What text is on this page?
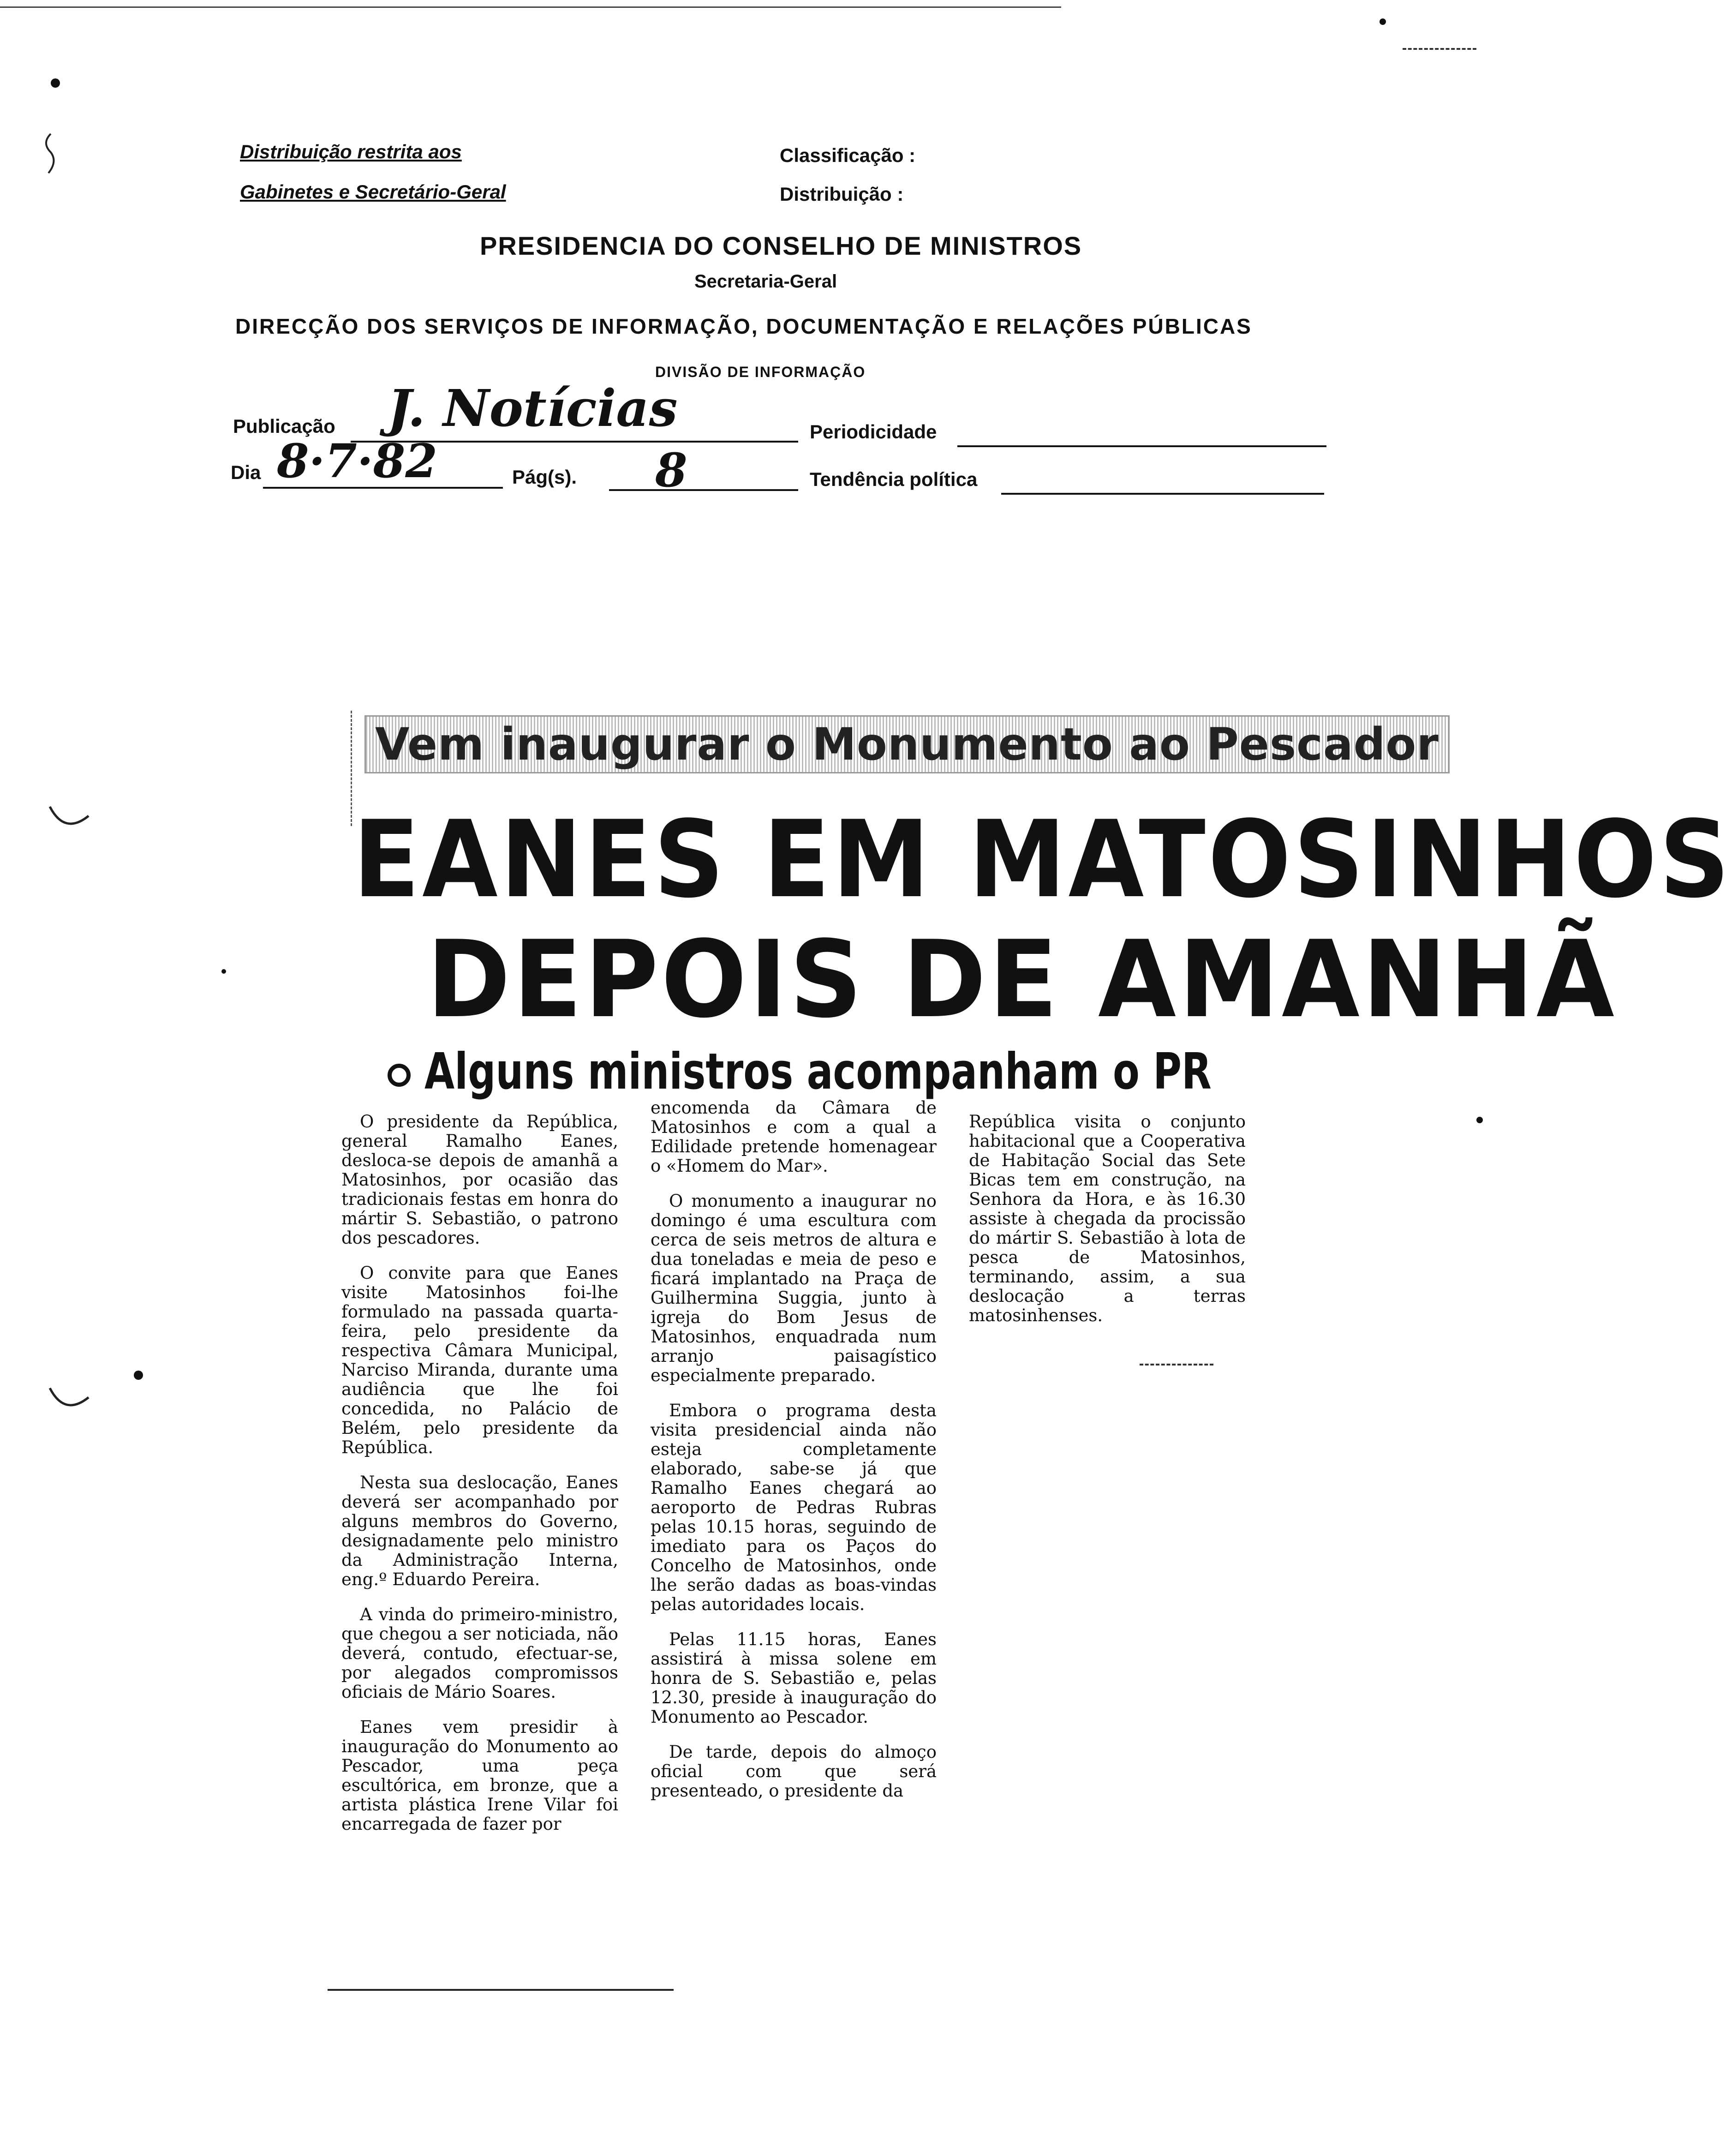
Distribuição restrita aos
Gabinetes e Secretário-Geral
Classificação :
Distribuição :
PRESIDENCIA DO CONSELHO DE MINISTROS
Secretaria-Geral
DIRECÇÃO DOS SERVIÇOS DE INFORMAÇÃO, DOCUMENTAÇÃO E RELAÇÕES PÚBLICAS
DIVISÃO DE INFORMAÇÃO
Publicação J. Notícias	Periodicidade
Dia 8·7·82	Pág(s). 8	Tendência política
Vem inaugurar o Monumento ao Pescador
EANES EM MATOSINHOS
DEPOIS DE AMANHÃ
Alguns ministros acompanham o PR

O presidente da República, general Ramalho Eanes, desloca-se depois de amanhã a Matosinhos, por ocasião das tradicionais festas em honra do mártir S. Sebastião, o patrono dos pescadores.

O convite para que Eanes visite Matosinhos foi-lhe formulado na passada quarta-feira, pelo presidente da respectiva Câmara Municipal, Narciso Miranda, durante uma audiência que lhe foi concedida, no Palácio de Belém, pelo presidente da República.

Nesta sua deslocação, Eanes deverá ser acompanhado por alguns membros do Governo, designadamente pelo ministro da Administração Interna, eng.º Eduardo Pereira.

A vinda do primeiro-ministro, que chegou a ser noticiada, não deverá, contudo, efectuar-se, por alegados compromissos oficiais de Mário Soares.

Eanes vem presidir à inauguração do Monumento ao Pescador, uma peça escultórica, em bronze, que a artista plástica Irene Vilar foi encarregada de fazer por

encomenda da Câmara de Matosinhos e com a qual a Edilidade pretende homenagear o «Homem do Mar».

O monumento a inaugurar no domingo é uma escultura com cerca de seis metros de altura e dua toneladas e meia de peso e ficará implantado na Praça de Guilhermina Suggia, junto à igreja do Bom Jesus de Matosinhos, enquadrada num arranjo paisagístico especialmente preparado.

Embora o programa desta visita presidencial ainda não esteja completamente elaborado, sabe-se já que Ramalho Eanes chegará ao aeroporto de Pedras Rubras pelas 10.15 horas, seguindo de imediato para os Paços do Concelho de Matosinhos, onde lhe serão dadas as boas-vindas pelas autoridades locais.

Pelas 11.15 horas, Eanes assistirá à missa solene em honra de S. Sebastião e, pelas 12.30, preside à inauguração do Monumento ao Pescador.

De tarde, depois do almoço oficial com que será presenteado, o presidente da

República visita o conjunto habitacional que a Cooperativa de Habitação Social das Sete Bicas tem em construção, na Senhora da Hora, e às 16.30 assiste à chegada da procissão do mártir S. Sebastião à lota de pesca de Matosinhos, terminando, assim, a sua deslocação a terras matosinhenses.
